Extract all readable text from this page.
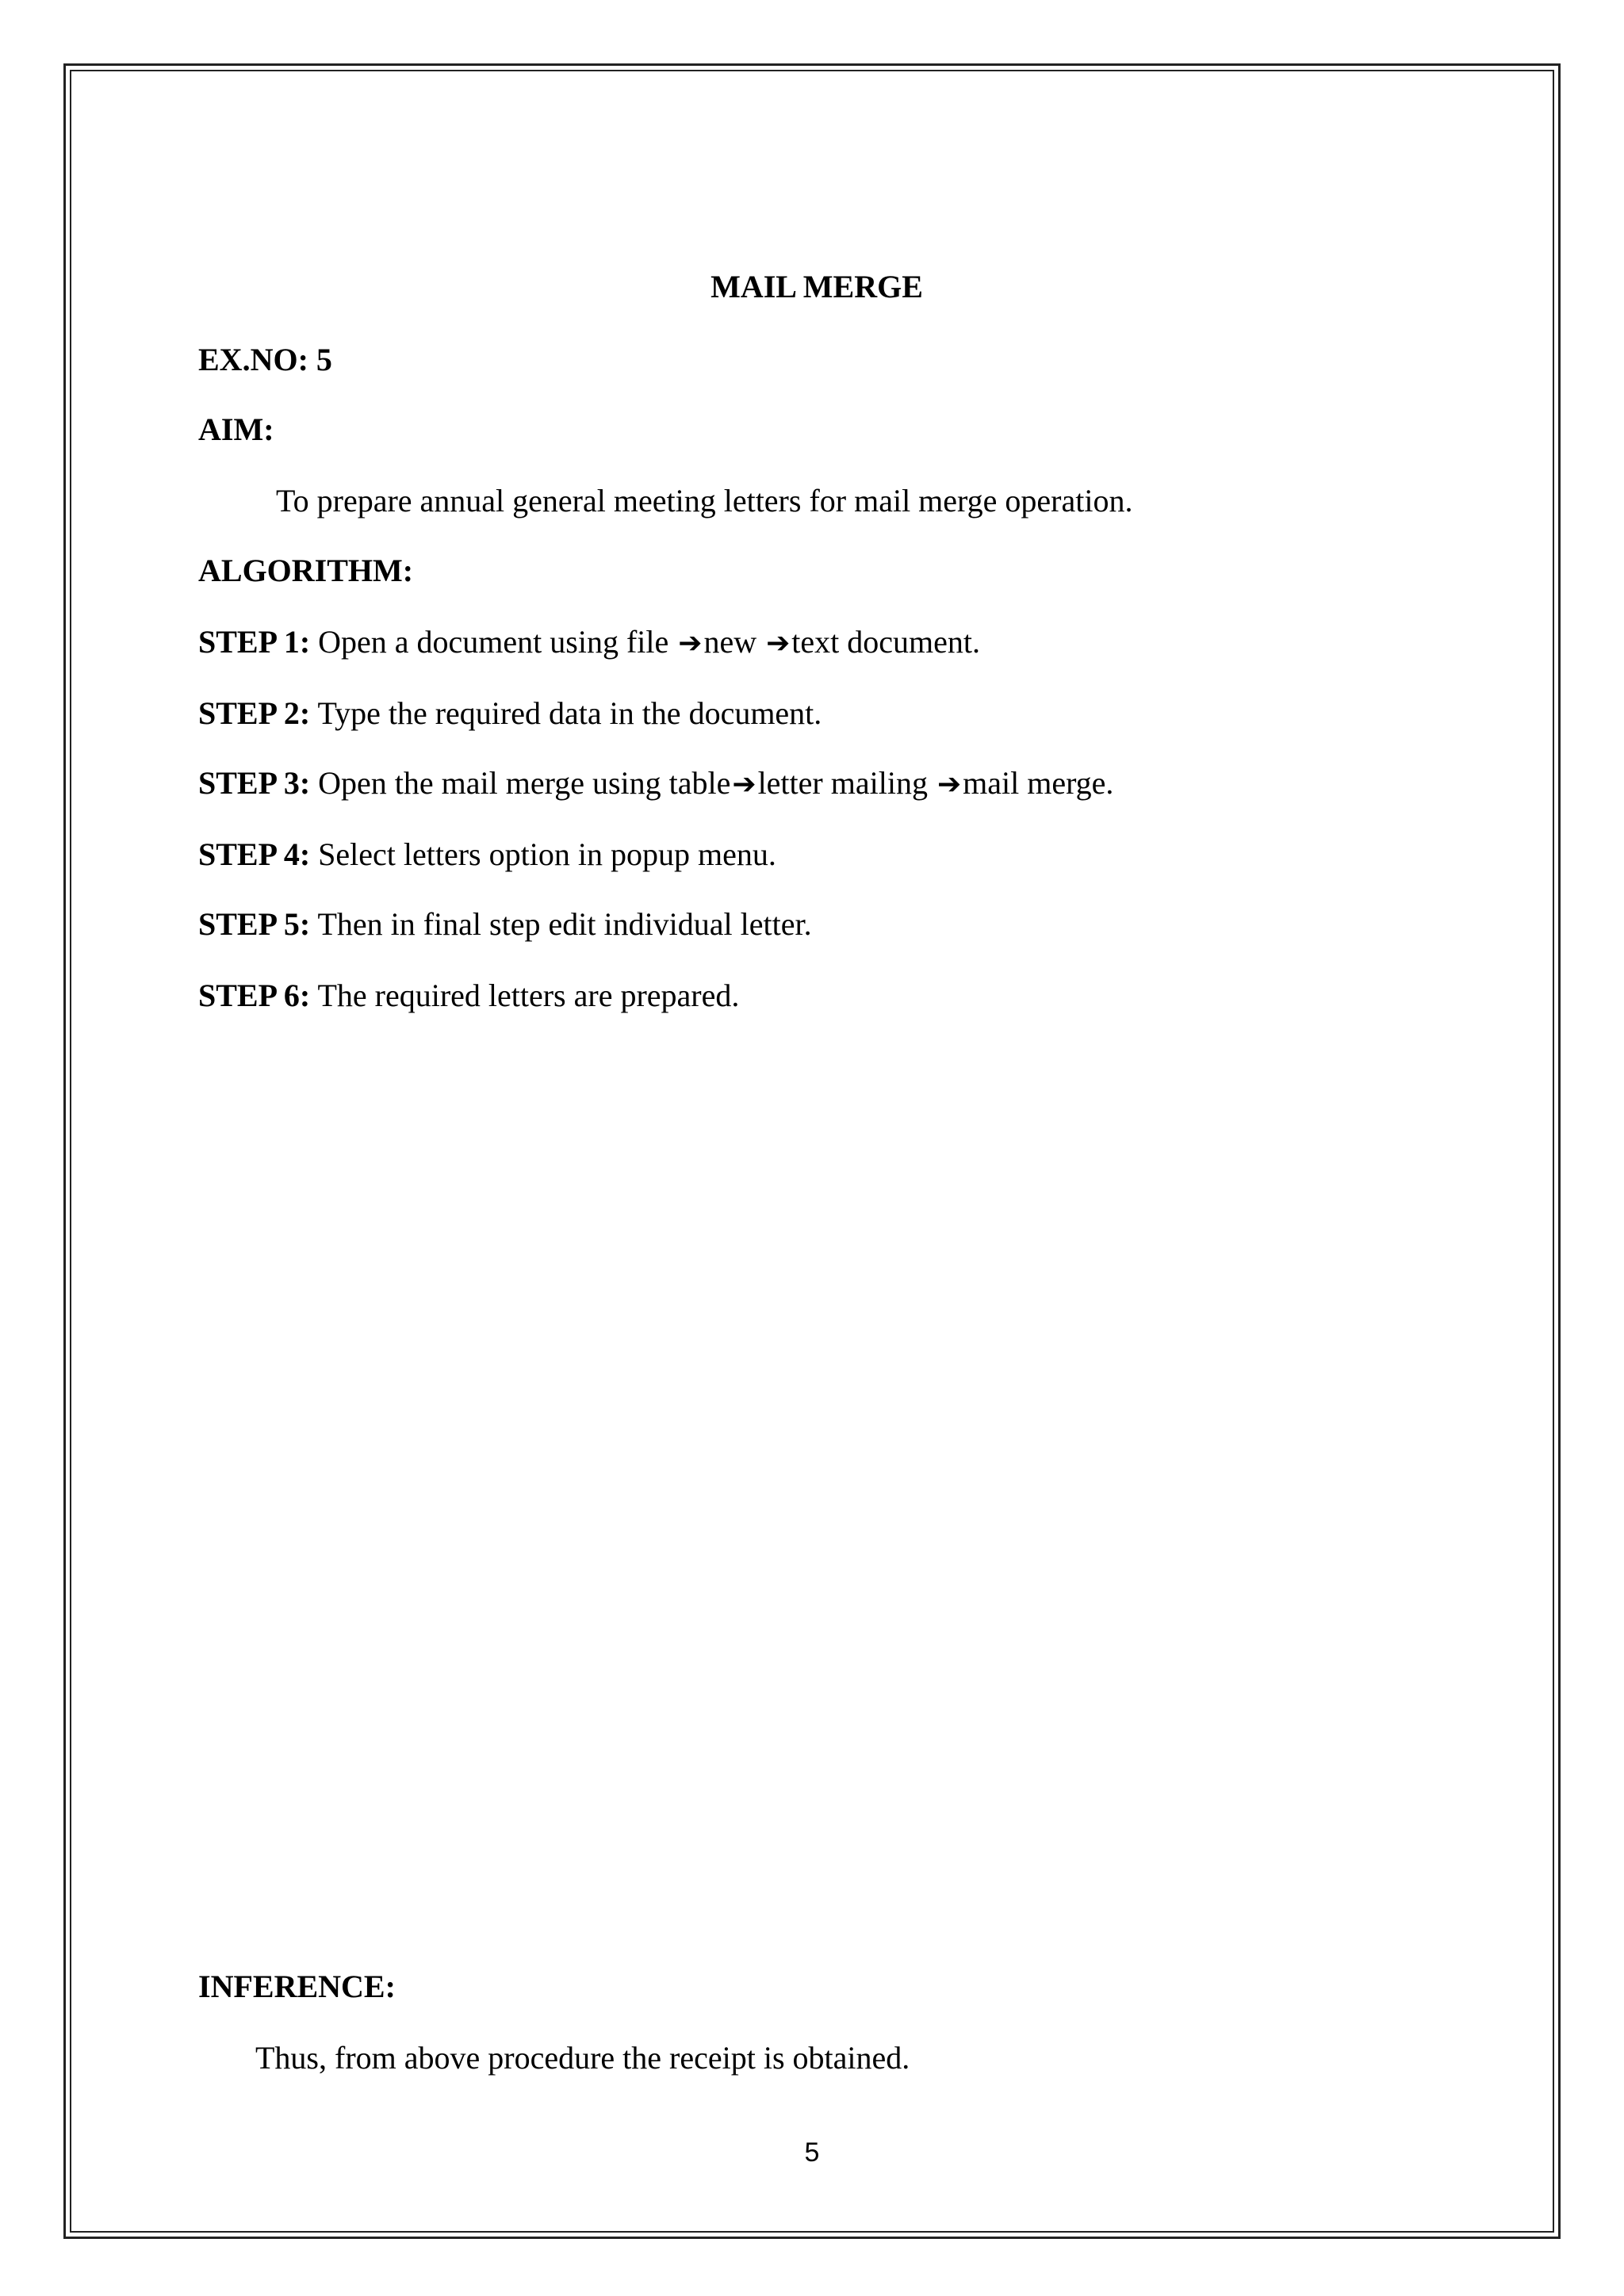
MAIL MERGE
EX.NO: 5
AIM:
To prepare annual general meeting letters for mail merge operation.
ALGORITHM:
STEP 1: Open a document using file ➔new ➔text document.
STEP 2: Type the required data in the document.
STEP 3: Open the mail merge using table➔letter mailing ➔mail merge.
STEP 4: Select letters option in popup menu.
STEP 5: Then in final step edit individual letter.
STEP 6: The required letters are prepared.
INFERENCE:
Thus, from above procedure the receipt is obtained.
5
